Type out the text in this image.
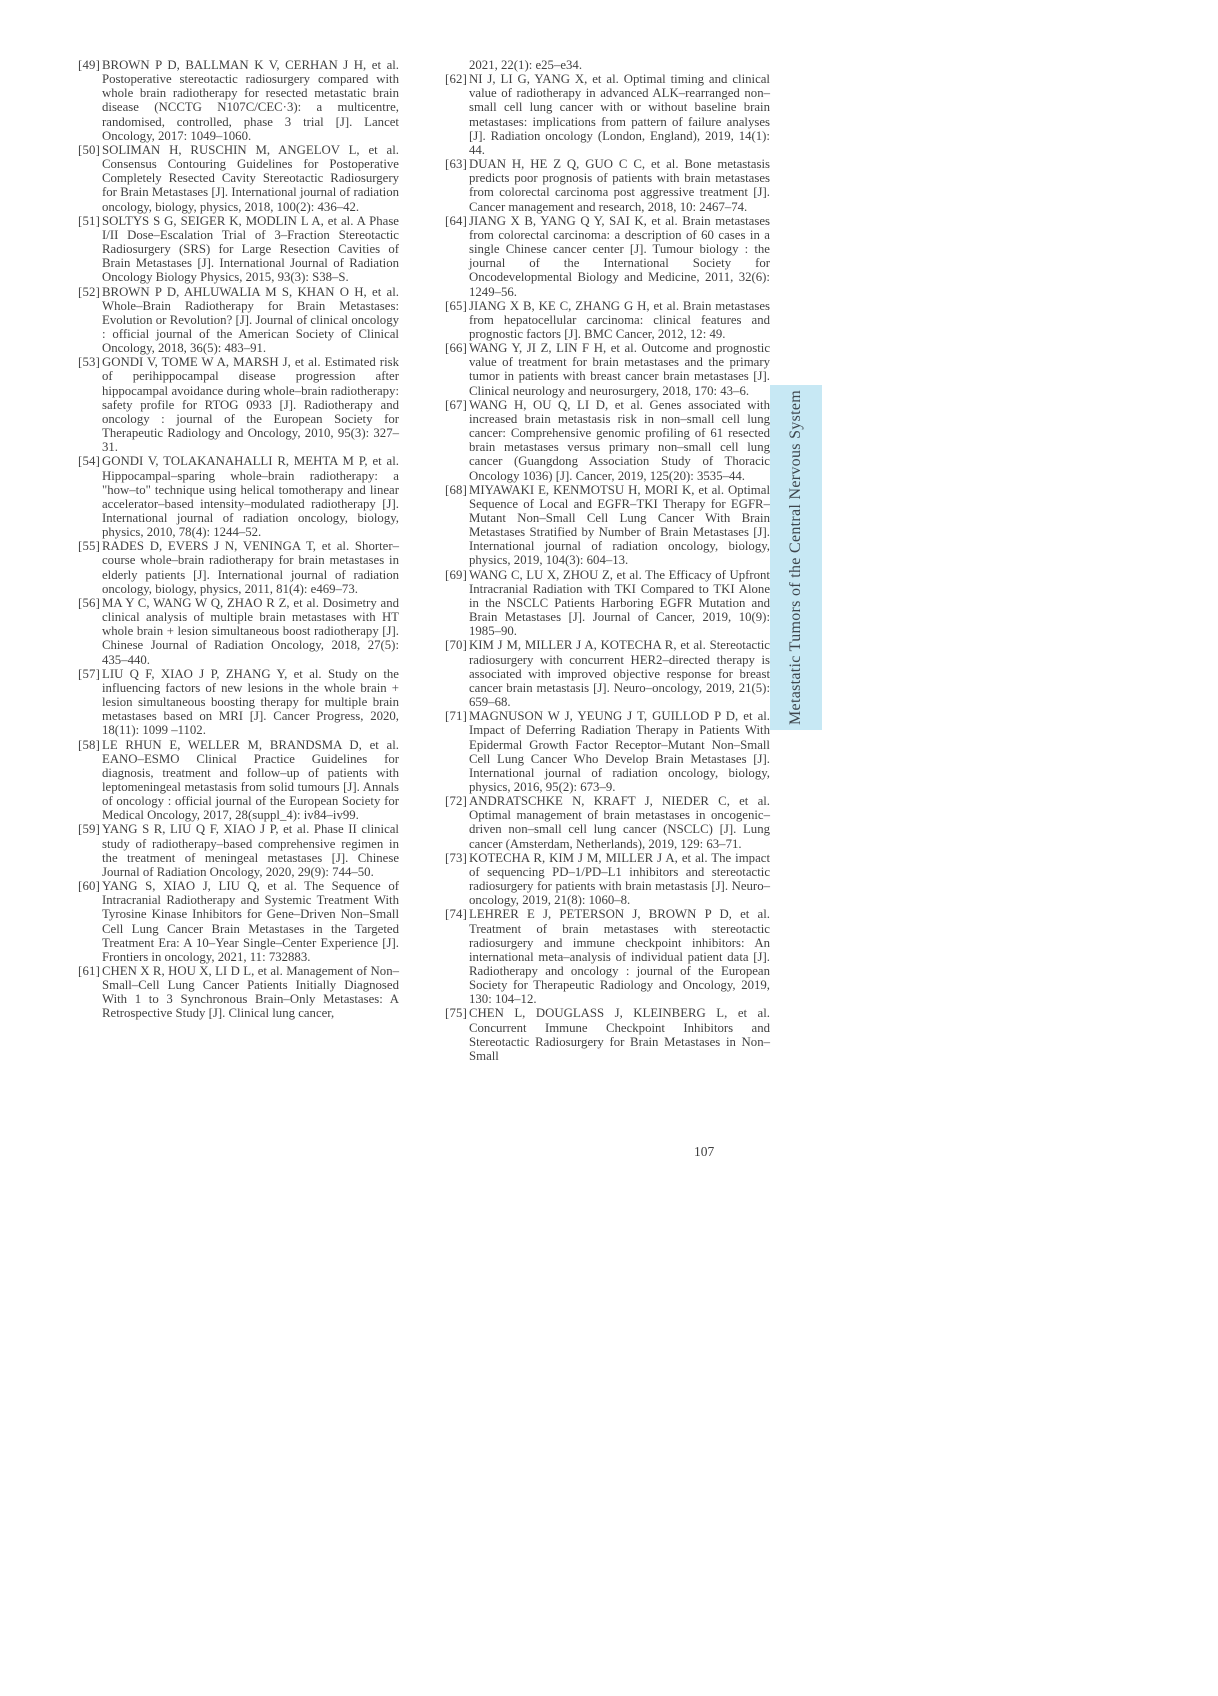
[49] BROWN P D, BALLMAN K V, CERHAN J H, et al. Postoperative stereotactic radiosurgery compared with whole brain radiotherapy for resected metastatic brain disease (NCCTG N107C/CEC·3): a multicentre, randomised, controlled, phase 3 trial [J]. Lancet Oncology, 2017: 1049–1060.
[50] SOLIMAN H, RUSCHIN M, ANGELOV L, et al. Consensus Contouring Guidelines for Postoperative Completely Resected Cavity Stereotactic Radiosurgery for Brain Metastases [J]. International journal of radiation oncology, biology, physics, 2018, 100(2): 436–42.
[51] SOLTYS S G, SEIGER K, MODLIN L A, et al. A Phase I/II Dose–Escalation Trial of 3–Fraction Stereotactic Radiosurgery (SRS) for Large Resection Cavities of Brain Metastases [J]. International Journal of Radiation Oncology Biology Physics, 2015, 93(3): S38–S.
[52] BROWN P D, AHLUWALIA M S, KHAN O H, et al. Whole–Brain Radiotherapy for Brain Metastases: Evolution or Revolution? [J]. Journal of clinical oncology : official journal of the American Society of Clinical Oncology, 2018, 36(5): 483–91.
[53] GONDI V, TOME W A, MARSH J, et al. Estimated risk of perihippocampal disease progression after hippocampal avoidance during whole–brain radiotherapy: safety profile for RTOG 0933 [J]. Radiotherapy and oncology : journal of the European Society for Therapeutic Radiology and Oncology, 2010, 95(3): 327–31.
[54] GONDI V, TOLAKANAHALLI R, MEHTA M P, et al. Hippocampal–sparing whole–brain radiotherapy: a "how–to" technique using helical tomotherapy and linear accelerator–based intensity–modulated radiotherapy [J]. International journal of radiation oncology, biology, physics, 2010, 78(4): 1244–52.
[55] RADES D, EVERS J N, VENINGA T, et al. Shorter–course whole–brain radiotherapy for brain metastases in elderly patients [J]. International journal of radiation oncology, biology, physics, 2011, 81(4): e469–73.
[56] MA Y C, WANG W Q, ZHAO R Z, et al. Dosimetry and clinical analysis of multiple brain metastases with HT whole brain + lesion simultaneous boost radiotherapy [J]. Chinese Journal of Radiation Oncology, 2018, 27(5): 435–440.
[57] LIU Q F, XIAO J P, ZHANG Y, et al. Study on the influencing factors of new lesions in the whole brain + lesion simultaneous boosting therapy for multiple brain metastases based on MRI [J]. Cancer Progress, 2020, 18(11): 1099 –1102.
[58] LE RHUN E, WELLER M, BRANDSMA D, et al. EANO–ESMO Clinical Practice Guidelines for diagnosis, treatment and follow–up of patients with leptomeningeal metastasis from solid tumours [J]. Annals of oncology : official journal of the European Society for Medical Oncology, 2017, 28(suppl_4): iv84–iv99.
[59] YANG S R, LIU Q F, XIAO J P, et al. Phase II clinical study of radiotherapy–based comprehensive regimen in the treatment of meningeal metastases [J]. Chinese Journal of Radiation Oncology, 2020, 29(9): 744–50.
[60] YANG S, XIAO J, LIU Q, et al. The Sequence of Intracranial Radiotherapy and Systemic Treatment With Tyrosine Kinase Inhibitors for Gene–Driven Non–Small Cell Lung Cancer Brain Metastases in the Targeted Treatment Era: A 10–Year Single–Center Experience [J]. Frontiers in oncology, 2021, 11: 732883.
[61] CHEN X R, HOU X, LI D L, et al. Management of Non–Small–Cell Lung Cancer Patients Initially Diagnosed With 1 to 3 Synchronous Brain–Only Metastases: A Retrospective Study [J]. Clinical lung cancer,
2021, 22(1): e25–e34.
[62] NI J, LI G, YANG X, et al. Optimal timing and clinical value of radiotherapy in advanced ALK–rearranged non–small cell lung cancer with or without baseline brain metastases: implications from pattern of failure analyses [J]. Radiation oncology (London, England), 2019, 14(1): 44.
[63] DUAN H, HE Z Q, GUO C C, et al. Bone metastasis predicts poor prognosis of patients with brain metastases from colorectal carcinoma post aggressive treatment [J]. Cancer management and research, 2018, 10: 2467–74.
[64] JIANG X B, YANG Q Y, SAI K, et al. Brain metastases from colorectal carcinoma: a description of 60 cases in a single Chinese cancer center [J]. Tumour biology : the journal of the International Society for Oncodevelopmental Biology and Medicine, 2011, 32(6): 1249–56.
[65] JIANG X B, KE C, ZHANG G H, et al. Brain metastases from hepatocellular carcinoma: clinical features and prognostic factors [J]. BMC Cancer, 2012, 12: 49.
[66] WANG Y, JI Z, LIN F H, et al. Outcome and prognostic value of treatment for brain metastases and the primary tumor in patients with breast cancer brain metastases [J]. Clinical neurology and neurosurgery, 2018, 170: 43–6.
[67] WANG H, OU Q, LI D, et al. Genes associated with increased brain metastasis risk in non–small cell lung cancer: Comprehensive genomic profiling of 61 resected brain metastases versus primary non–small cell lung cancer (Guangdong Association Study of Thoracic Oncology 1036) [J]. Cancer, 2019, 125(20): 3535–44.
[68] MIYAWAKI E, KENMOTSU H, MORI K, et al. Optimal Sequence of Local and EGFR–TKI Therapy for EGFR–Mutant Non–Small Cell Lung Cancer With Brain Metastases Stratified by Number of Brain Metastases [J]. International journal of radiation oncology, biology, physics, 2019, 104(3): 604–13.
[69] WANG C, LU X, ZHOU Z, et al. The Efficacy of Upfront Intracranial Radiation with TKI Compared to TKI Alone in the NSCLC Patients Harboring EGFR Mutation and Brain Metastases [J]. Journal of Cancer, 2019, 10(9): 1985–90.
[70] KIM J M, MILLER J A, KOTECHA R, et al. Stereotactic radiosurgery with concurrent HER2–directed therapy is associated with improved objective response for breast cancer brain metastasis [J]. Neuro–oncology, 2019, 21(5): 659–68.
[71] MAGNUSON W J, YEUNG J T, GUILLOD P D, et al. Impact of Deferring Radiation Therapy in Patients With Epidermal Growth Factor Receptor–Mutant Non–Small Cell Lung Cancer Who Develop Brain Metastases [J]. International journal of radiation oncology, biology, physics, 2016, 95(2): 673–9.
[72] ANDRATSCHKE N, KRAFT J, NIEDER C, et al. Optimal management of brain metastases in oncogenic–driven non–small cell lung cancer (NSCLC) [J]. Lung cancer (Amsterdam, Netherlands), 2019, 129: 63–71.
[73] KOTECHA R, KIM J M, MILLER J A, et al. The impact of sequencing PD–1/PD–L1 inhibitors and stereotactic radiosurgery for patients with brain metastasis [J]. Neuro–oncology, 2019, 21(8): 1060–8.
[74] LEHRER E J, PETERSON J, BROWN P D, et al. Treatment of brain metastases with stereotactic radiosurgery and immune checkpoint inhibitors: An international meta–analysis of individual patient data [J]. Radiotherapy and oncology : journal of the European Society for Therapeutic Radiology and Oncology, 2019, 130: 104–12.
[75] CHEN L, DOUGLASS J, KLEINBERG L, et al. Concurrent Immune Checkpoint Inhibitors and Stereotactic Radiosurgery for Brain Metastases in Non–Small
Metastatic Tumors of the Central Nervous System
107
